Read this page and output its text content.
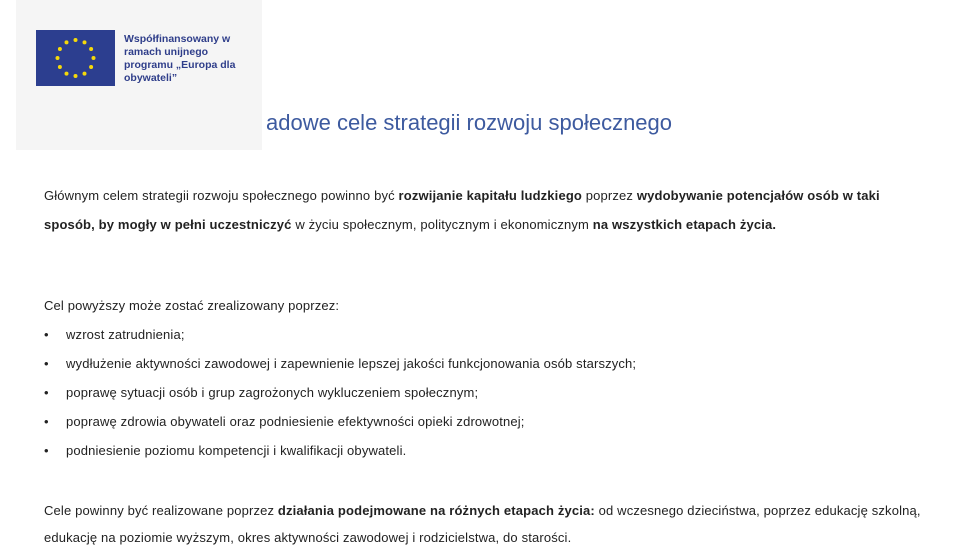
Współfinansowany w
ramach unijnego
programu „Europa dla
obywateli”
adowe cele strategii rozwoju społecznego
Głównym celem strategii rozwoju społecznego powinno być rozwijanie kapitału ludzkiego poprzez wydobywanie potencjałów osób w taki sposób, by mogły w pełni uczestniczyć w życiu społecznym, politycznym i ekonomicznym na wszystkich etapach życia.
Cel powyższy może zostać zrealizowany poprzez:
• wzrost zatrudnienia;
• wydłużenie aktywności zawodowej i zapewnienie lepszej jakości funkcjonowania osób starszych;
• poprawę sytuacji osób i grup zagrożonych wykluczeniem społecznym;
• poprawę zdrowia obywateli oraz podniesienie efektywności opieki zdrowotnej;
• podniesienie poziomu kompetencji i kwalifikacji obywateli.
Cele powinny być realizowane poprzez działania podejmowane na różnych etapach życia: od wczesnego dzieciństwa, poprzez edukację szkolną, edukację na poziomie wyższym, okres aktywności zawodowej i rodzicielstwa, do starości.
